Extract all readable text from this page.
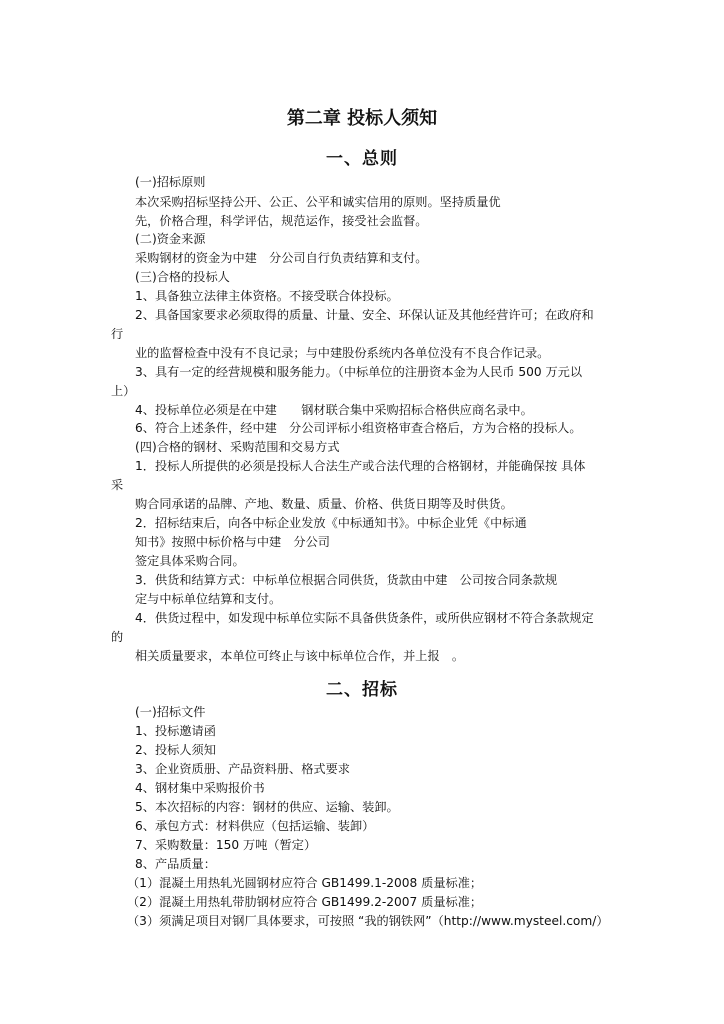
第二章 投标人须知
一、总则
(一)招标原则
本次采购招标坚持公开、公正、公平和诚实信用的原则。坚持质量优
先，价格合理，科学评估，规范运作，接受社会监督。
(二)资金来源
采购钢材的资金为中建　分公司自行负责结算和支付。
(三)合格的投标人
1、具备独立法律主体资格。不接受联合体投标。
2、具备国家要求必须取得的质量、计量、安全、环保认证及其他经营许可；在政府和
行
业的监督检查中没有不良记录；与中建股份系统内各单位没有不良合作记录。
3、具有一定的经营规模和服务能力。（中标单位的注册资本金为人民币 500 万元以
上）
4、投标单位必须是在中建　　钢材联合集中采购招标合格供应商名录中。
6、符合上述条件，经中建　分公司评标小组资格审查合格后，方为合格的投标人。
(四)合格的钢材、采购范围和交易方式
1．投标人所提供的必须是投标人合法生产或合法代理的合格钢材，并能确保按 具体
采
购合同承诺的品牌、产地、数量、质量、价格、供货日期等及时供货。
2．招标结束后，向各中标企业发放《中标通知书》。中标企业凭《中标通
知书》按照中标价格与中建　分公司
签定具体采购合同。
3．供货和结算方式：中标单位根据合同供货，货款由中建　公司按合同条款规
定与中标单位结算和支付。
4．供货过程中，如发现中标单位实际不具备供货条件，或所供应钢材不符合条款规定
的
相关质量要求，本单位可终止与该中标单位合作，并上报　。
二、招标
(一)招标文件
1、投标邀请函
2、投标人须知
3、企业资质册、产品资料册、格式要求
4、钢材集中采购报价书
5、本次招标的内容：钢材的供应、运输、装卸。
6、承包方式：材料供应（包括运输、装卸）
7、采购数量：150 万吨（暂定）
8、产品质量：
（1）混凝土用热轧光圆钢材应符合 GB1499.1-2008 质量标准；
（2）混凝土用热轧带肋钢材应符合 GB1499.2-2007 质量标准；
（3）须满足项目对钢厂具体要求，可按照 “我的钢铁网”（http://www.mysteel.com/）
